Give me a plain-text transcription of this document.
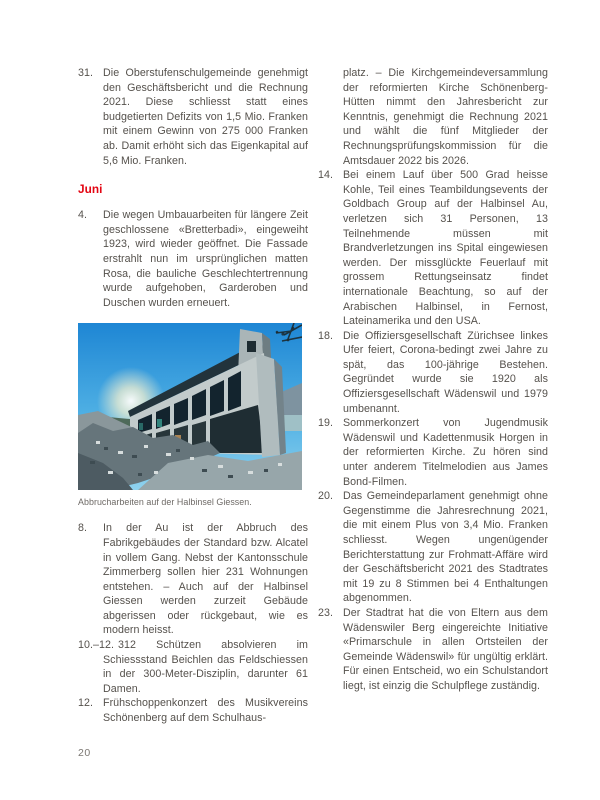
31. Die Oberstufenschulgemeinde genehmigt den Geschäftsbericht und die Rechnung 2021. Diese schliesst statt eines budgetierten Defizits von 1,5 Mio. Franken mit einem Gewinn von 275 000 Franken ab. Damit erhöht sich das Eigenkapital auf 5,6 Mio. Franken.

Juni

4. Die wegen Umbauarbeiten für längere Zeit geschlossene «Bretterbadi», eingeweiht 1923, wird wieder geöffnet. Die Fassade erstrahlt nun im ursprünglichen matten Rosa, die bauliche Geschlechtertrennung wurde aufgehoben, Garderoben und Duschen wurden erneuert.

Abbrucharbeiten auf der Halbinsel Giessen.

8. In der Au ist der Abbruch des Fabrikgebäudes der Standard bzw. Alcatel in vollem Gang. Nebst der Kantonsschule Zimmerberg sollen hier 231 Wohnungen entstehen. – Auch auf der Halbinsel Giessen werden zurzeit Gebäude abgerissen oder rückgebaut, wie es modern heisst.

10.–12. 312 Schützen absolvieren im Schiessstand Beichlen das Feldschiessen in der 300-Meter-Disziplin, darunter 61 Damen.

12. Frühschoppenkonzert des Musikvereins Schönenberg auf dem Schulhaus-

platz. – Die Kirchgemeindeversammlung der reformierten Kirche Schönenberg-Hütten nimmt den Jahresbericht zur Kenntnis, genehmigt die Rechnung 2021 und wählt die fünf Mitglieder der Rechnungsprüfungskommission für die Amtsdauer 2022 bis 2026.

14. Bei einem Lauf über 500 Grad heisse Kohle, Teil eines Teambildungsevents der Goldbach Group auf der Halbinsel Au, verletzen sich 31 Personen, 13 Teilnehmende müssen mit Brandverletzungen ins Spital eingewiesen werden. Der missglückte Feuerlauf mit grossem Rettungseinsatz findet internationale Beachtung, so auf der Arabischen Halbinsel, in Fernost, Lateinamerika und den USA.

18. Die Offiziersgesellschaft Zürichsee linkes Ufer feiert, Corona-bedingt zwei Jahre zu spät, das 100-jährige Bestehen. Gegründet wurde sie 1920 als Offiziersgesellschaft Wädenswil und 1979 umbenannt.

19. Sommerkonzert von Jugendmusik Wädenswil und Kadettenmusik Horgen in der reformierten Kirche. Zu hören sind unter anderem Titelmelodien aus James Bond-Filmen.

20. Das Gemeindeparlament genehmigt ohne Gegenstimme die Jahresrechnung 2021, die mit einem Plus von 3,4 Mio. Franken schliesst. Wegen ungenügender Berichterstattung zur Frohmatt-Affäre wird der Geschäftsbericht 2021 des Stadtrates mit 19 zu 8 Stimmen bei 4 Enthaltungen abgenommen.

23. Der Stadtrat hat die von Eltern aus dem Wädenswiler Berg eingereichte Initiative «Primarschule in allen Ortsteilen der Gemeinde Wädenswil» für ungültig erklärt. Für einen Entscheid, wo ein Schulstandort liegt, ist einzig die Schulpflege zuständig.

20
